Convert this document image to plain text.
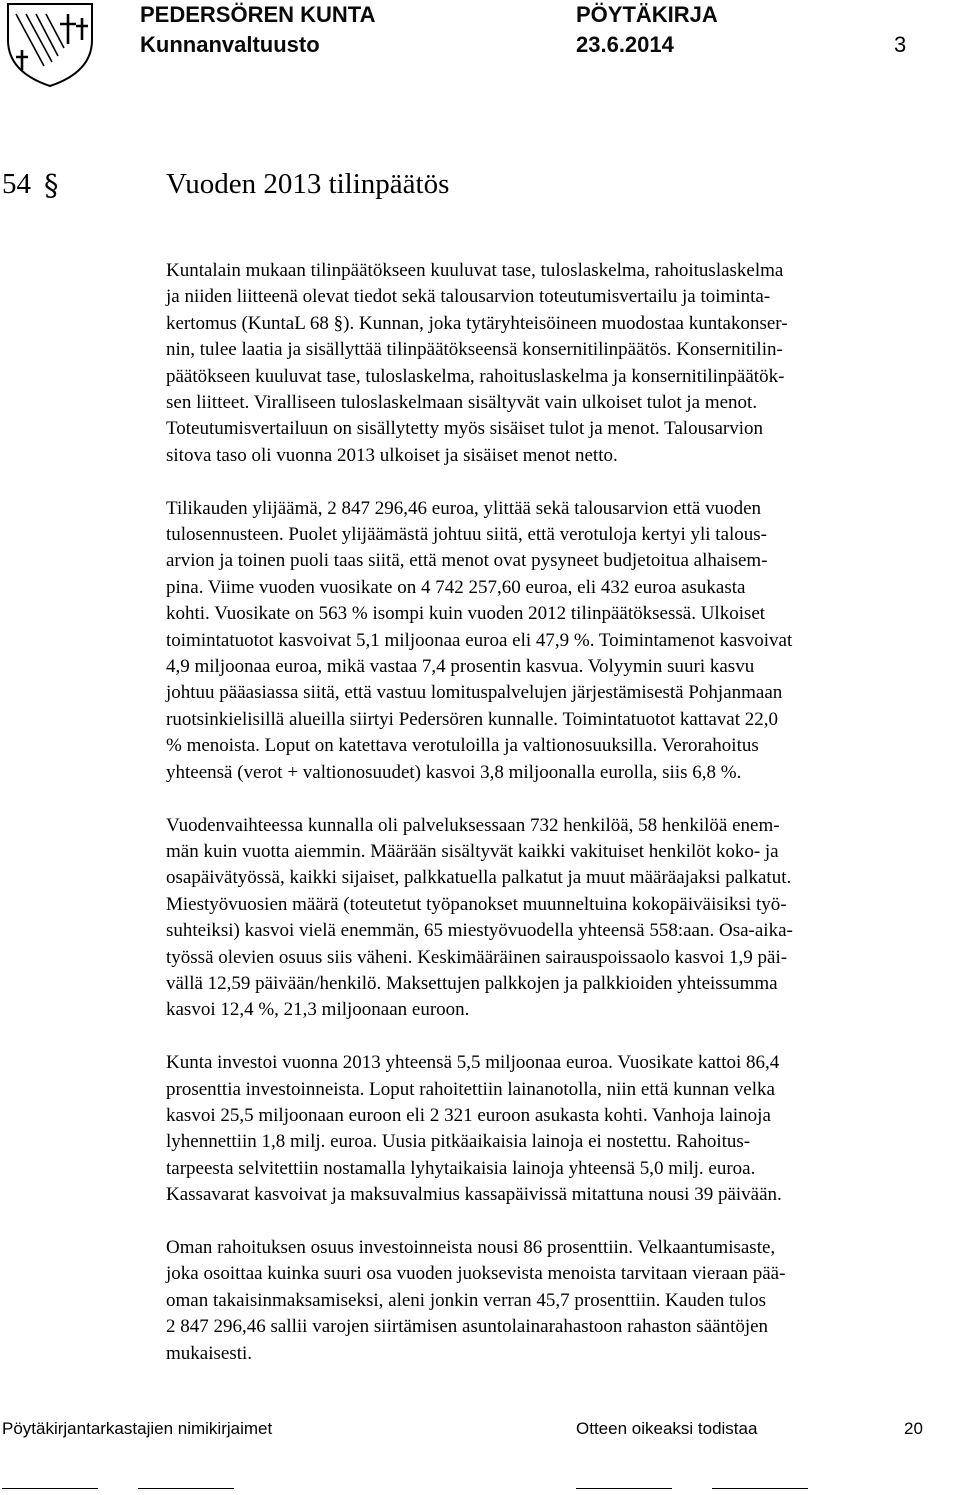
PEDERSÖREN KUNTA	PÖYTÄKIRJA
Kunnanvaltuusto	23.6.2014	3
54 §	Vuoden 2013 tilinpäätös

Kuntalain mukaan tilinpäätökseen kuuluvat tase, tuloslaskelma, rahoituslaskelma
ja niiden liitteenä olevat tiedot sekä talousarvion toteutumisvertailu ja toiminta-
kertomus (KuntaL 68 §). Kunnan, joka tytäryhteisöineen muodostaa kuntakonser-
nin, tulee laatia ja sisällyttää tilinpäätökseensä konsernitilinpäätös. Konsernitilin-
päätökseen kuuluvat tase, tuloslaskelma, rahoituslaskelma ja konsernitilinpäätök-
sen liitteet. Viralliseen tuloslaskelmaan sisältyvät vain ulkoiset tulot ja menot.
Toteutumisvertailuun on sisällytetty myös sisäiset tulot ja menot. Talousarvion
sitova taso oli vuonna 2013 ulkoiset ja sisäiset menot netto.

Tilikauden ylijäämä, 2 847 296,46 euroa, ylittää sekä talousarvion että vuoden
tulosennusteen. Puolet ylijäämästä johtuu siitä, että verotuloja kertyi yli talous-
arvion ja toinen puoli taas siitä, että menot ovat pysyneet budjetoitua alhaisem-
pina. Viime vuoden vuosikate on 4 742 257,60 euroa, eli 432 euroa asukasta
kohti. Vuosikate on 563 % isompi kuin vuoden 2012 tilinpäätöksessä. Ulkoiset
toimintatuotot kasvoivat 5,1 miljoonaa euroa eli 47,9 %. Toimintamenot kasvoivat
4,9 miljoonaa euroa, mikä vastaa 7,4 prosentin kasvua. Volyymin suuri kasvu
johtuu pääasiassa siitä, että vastuu lomituspalvelujen järjestämisestä Pohjanmaan
ruotsinkielisillä alueilla siirtyi Pedersören kunnalle. Toimintatuotot kattavat 22,0
% menoista. Loput on katettava verotuloilla ja valtionosuuksilla. Verorahoitus
yhteensä (verot + valtionosuudet) kasvoi 3,8 miljoonalla eurolla, siis 6,8 %.

Vuodenvaihteessa kunnalla oli palveluksessaan 732 henkilöä, 58 henkilöä enem-
män kuin vuotta aiemmin. Määrään sisältyvät kaikki vakituiset henkilöt koko- ja
osapäivätyössä, kaikki sijaiset, palkkatuella palkatut ja muut määräajaksi palkatut.
Miestyövuosien määrä (toteutetut työpanokset muunneltuina kokopäiväisiksi työ-
suhteiksi) kasvoi vielä enemmän, 65 miestyövuodella yhteensä 558:aan. Osa-aika-
työssä olevien osuus siis väheni. Keskimääräinen sairauspoissaolo kasvoi 1,9 päi-
vällä 12,59 päivään/henkilö. Maksettujen palkkojen ja palkkioiden yhteissumma
kasvoi 12,4 %, 21,3 miljoonaan euroon.

Kunta investoi vuonna 2013 yhteensä 5,5 miljoonaa euroa. Vuosikate kattoi 86,4
prosenttia investoinneista. Loput rahoitettiin lainanotolla, niin että kunnan velka
kasvoi 25,5 miljoonaan euroon eli 2 321 euroon asukasta kohti. Vanhoja lainoja
lyhennettiin 1,8 milj. euroa. Uusia pitkäaikaisia lainoja ei nostettu. Rahoitus-
tarpeesta selvitettiin nostamalla lyhytaikaisia lainoja yhteensä 5,0 milj. euroa.
Kassavarat kasvoivat ja maksuvalmius kassapäivissä mitattuna nousi 39 päivään.

Oman rahoituksen osuus investoinneista nousi 86 prosenttiin. Velkaantumisaste,
joka osoittaa kuinka suuri osa vuoden juoksevista menoista tarvitaan vieraan pää-
oman takaisinmaksamiseksi, aleni jonkin verran 45,7 prosenttiin. Kauden tulos
2 847 296,46 sallii varojen siirtämisen asuntolainarahastoon rahaston sääntöjen
mukaisesti.

Pöytäkirjantarkastajien nimikirjaimet	Otteen oikeaksi todistaa	20
